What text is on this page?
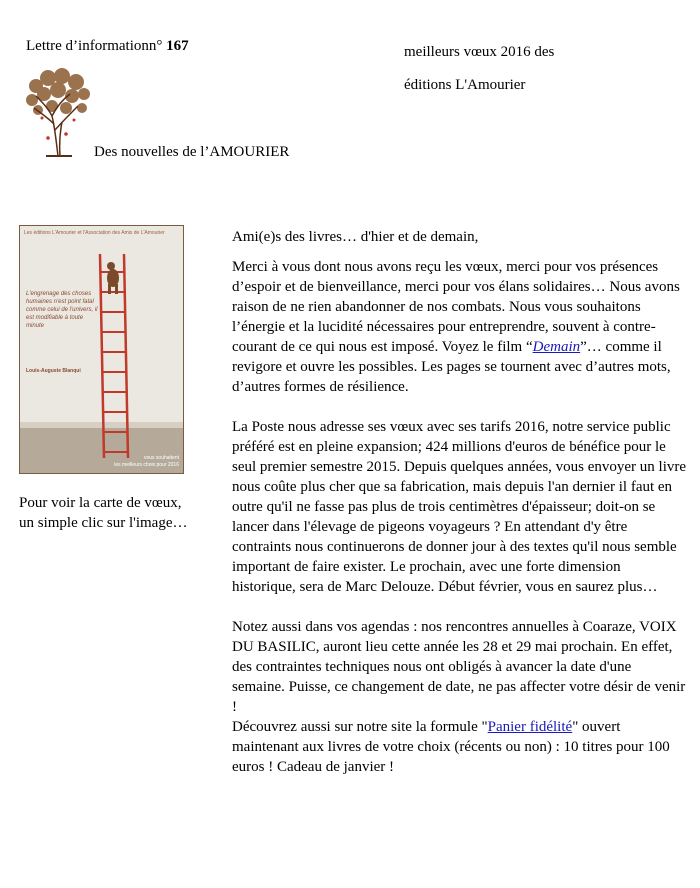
Lettre d’informationn° 167	meilleurs vœux 2016 des
éditions L'Amourier
Des nouvelles de l’AMOURIER
Les éditions L'Amourier et l'Association des Amis de L'Amourier
L'engrenage des choses humaines n'est point fatal comme celui de l'univers, il est modifiable à toute minute
Louis-Auguste Blanqui
vous souhaitent
les meilleurs choix pour 2016
Pour voir la carte de vœux, un simple clic sur l'image…

Ami(e)s des livres… d'hier et de demain,

Merci à vous dont nous avons reçu les vœux, merci pour vos présences d’espoir et de bienveillance, merci pour vos élans solidaires… Nous avons raison de ne rien abandonner de nos combats. Nous vous souhaitons l’énergie et la lucidité nécessaires pour entreprendre, souvent à contre-courant de ce qui nous est imposé. Voyez le film “Demain”… comme il revigore et ouvre les possibles. Les pages se tournent avec d’autres mots, d’autres formes de résilience.

La Poste nous adresse ses vœux avec ses tarifs 2016, notre service public préféré est en pleine expansion; 424 millions d'euros de bénéfice pour le seul premier semestre 2015. Depuis quelques années, vous envoyer un livre nous coûte plus cher que sa fabrication, mais depuis l'an dernier il faut en outre qu'il ne fasse pas plus de trois centimètres d'épaisseur; doit-on se lancer dans l'élevage de pigeons voyageurs ? En attendant d'y être contraints nous continuerons de donner jour à des textes qu'il nous semble important de faire exister. Le prochain, avec une forte dimension historique, sera de Marc Delouze. Début février, vous en saurez plus…

Notez aussi dans vos agendas : nos rencontres annuelles à Coaraze, VOIX DU BASILIC, auront lieu cette année les 28 et 29 mai prochain. En effet, des contraintes techniques nous ont obligés à avancer la date d'une semaine. Puisse, ce changement de date, ne pas affecter votre désir de venir !

Découvrez aussi sur notre site la formule "Panier fidélité" ouvert maintenant aux livres de votre choix (récents ou non) : 10 titres pour 100 euros ! Cadeau de janvier !
